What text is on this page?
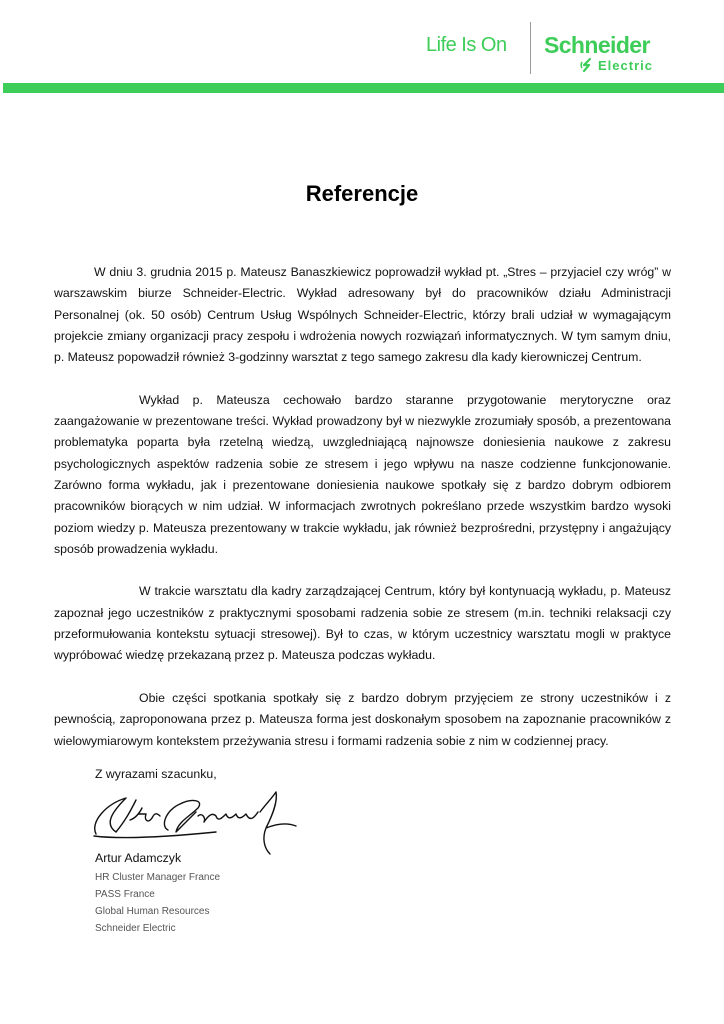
Life Is On Schneider
Electric
Referencje

W dniu 3. grudnia 2015 p. Mateusz Banaszkiewicz poprowadził wykład pt. „Stres – przyjaciel czy wróg” w warszawskim biurze Schneider-Electric. Wykład adresowany był do pracowników działu Administracji Personalnej (ok. 50 osób) Centrum Usług Wspólnych Schneider-Electric, którzy brali udział w wymagającym projekcie zmiany organizacji pracy zespołu i wdrożenia nowych rozwiązań informatycznych. W tym samym dniu, p. Mateusz popowadził również 3-godzinny warsztat z tego samego zakresu dla kady kierowniczej Centrum.

Wykład p. Mateusza cechowało bardzo staranne przygotowanie merytoryczne oraz zaangażowanie w prezentowane treści. Wykład prowadzony był w niezwykle zrozumiały sposób, a prezentowana problematyka poparta była rzetelną wiedzą, uwzgledniającą najnowsze doniesienia naukowe z zakresu psychologicznych aspektów radzenia sobie ze stresem i jego wpływu na nasze codzienne funkcjonowanie. Zarówno forma wykładu, jak i prezentowane doniesienia naukowe spotkały się z bardzo dobrym odbiorem pracowników biorących w nim udział. W informacjach zwrotnych pokreślano przede wszystkim bardzo wysoki poziom wiedzy p. Mateusza prezentowany w trakcie wykładu, jak również bezprośredni, przystępny i angażujący sposób prowadzenia wykładu.

W trakcie warsztatu dla kadry zarządzającej Centrum, który był kontynuacją wykładu, p. Mateusz zapoznał jego uczestników z praktycznymi sposobami radzenia sobie ze stresem (m.in. techniki relaksacji czy przeformułowania kontekstu sytuacji stresowej). Był to czas, w którym uczestnicy warsztatu mogli w praktyce wypróbować wiedzę przekazaną przez p. Mateusza podczas wykładu.

Obie części spotkania spotkały się z bardzo dobrym przyjęciem ze strony uczestników i z pewnością, zaproponowana przez p. Mateusza forma jest doskonałym sposobem na zapoznanie pracowników z wielowymiarowym kontekstem przeżywania stresu i formami radzenia sobie z nim w codziennej pracy.

Z wyrazami szacunku,
Artur Adamczyk
HR Cluster Manager France
PASS France
Global Human Resources
Schneider Electric
